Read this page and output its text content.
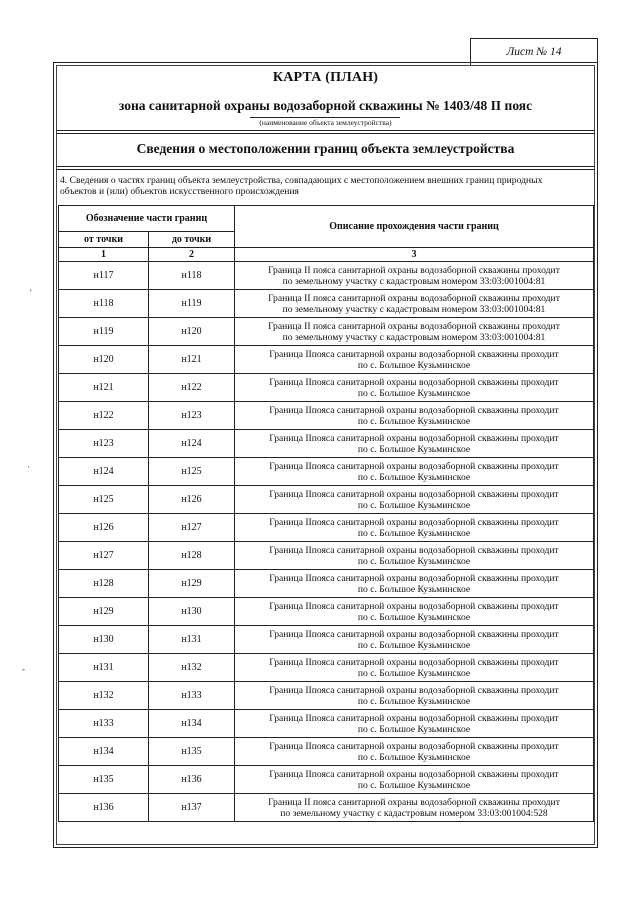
Лист № 14
КАРТА (ПЛАН)
зона санитарной охраны водозаборной скважины № 1403/48 II пояс
(наименование объекта землеустройства)
Сведения о местоположении границ объекта землеустройства
4. Сведения о частях границ объекта землеустройства, совпадающих с местоположением внешних границ природных объектов и (или) объектов искусственного происхождения
Обозначение части границ		Описание прохождения части границ
от точки	до точки	
1	2	3
н117	н118	Граница II пояса санитарной охраны водозаборной скважины проходит
по земельному участку с кадастровым номером 33:03:001004:81

н118	н119	Граница II пояса санитарной охраны водозаборной скважины проходит
по земельному участку с кадастровым номером 33:03:001004:81

н119	н120	Граница II пояса санитарной охраны водозаборной скважины проходит
по земельному участку с кадастровым номером 33:03:001004:81

н120	н121	Граница IIпояса санитарной охраны водозаборной скважины проходит
по с. Большое Кузьминское

н121	н122	Граница IIпояса санитарной охраны водозаборной скважины проходит
по с. Большое Кузьминское

н122	н123	Граница IIпояса санитарной охраны водозаборной скважины проходит
по с. Большое Кузьминское

н123	н124	Граница IIпояса санитарной охраны водозаборной скважины проходит
по с. Большое Кузьминское

н124	н125	Граница IIпояса санитарной охраны водозаборной скважины проходит
по с. Большое Кузьминское

н125	н126	Граница IIпояса санитарной охраны водозаборной скважины проходит
по с. Большое Кузьминское

н126	н127	Граница IIпояса санитарной охраны водозаборной скважины проходит
по с. Большое Кузьминское

н127	н128	Граница IIпояса санитарной охраны водозаборной скважины проходит
по с. Большое Кузьминское

н128	н129	Граница IIпояса санитарной охраны водозаборной скважины проходит
по с. Большое Кузьминское

н129	н130	Граница IIпояса санитарной охраны водозаборной скважины проходит
по с. Большое Кузьминское

н130	н131	Граница IIпояса санитарной охраны водозаборной скважины проходит
по с. Большое Кузьминское

н131	н132	Граница IIпояса санитарной охраны водозаборной скважины проходит
по с. Большое Кузьминское

н132	н133	Граница IIпояса санитарной охраны водозаборной скважины проходит
по с. Большое Кузьминское

н133	н134	Граница IIпояса санитарной охраны водозаборной скважины проходит
по с. Большое Кузьминское

н134	н135	Граница IIпояса санитарной охраны водозаборной скважины проходит
по с. Большое Кузьминское

н135	н136	Граница IIпояса санитарной охраны водозаборной скважины проходит
по с. Большое Кузьминское

н136	н137	Граница II пояса санитарной охраны водозаборной скважины проходит
по земельному участку с кадастровым номером 33:03:001004:528
'
·
-
